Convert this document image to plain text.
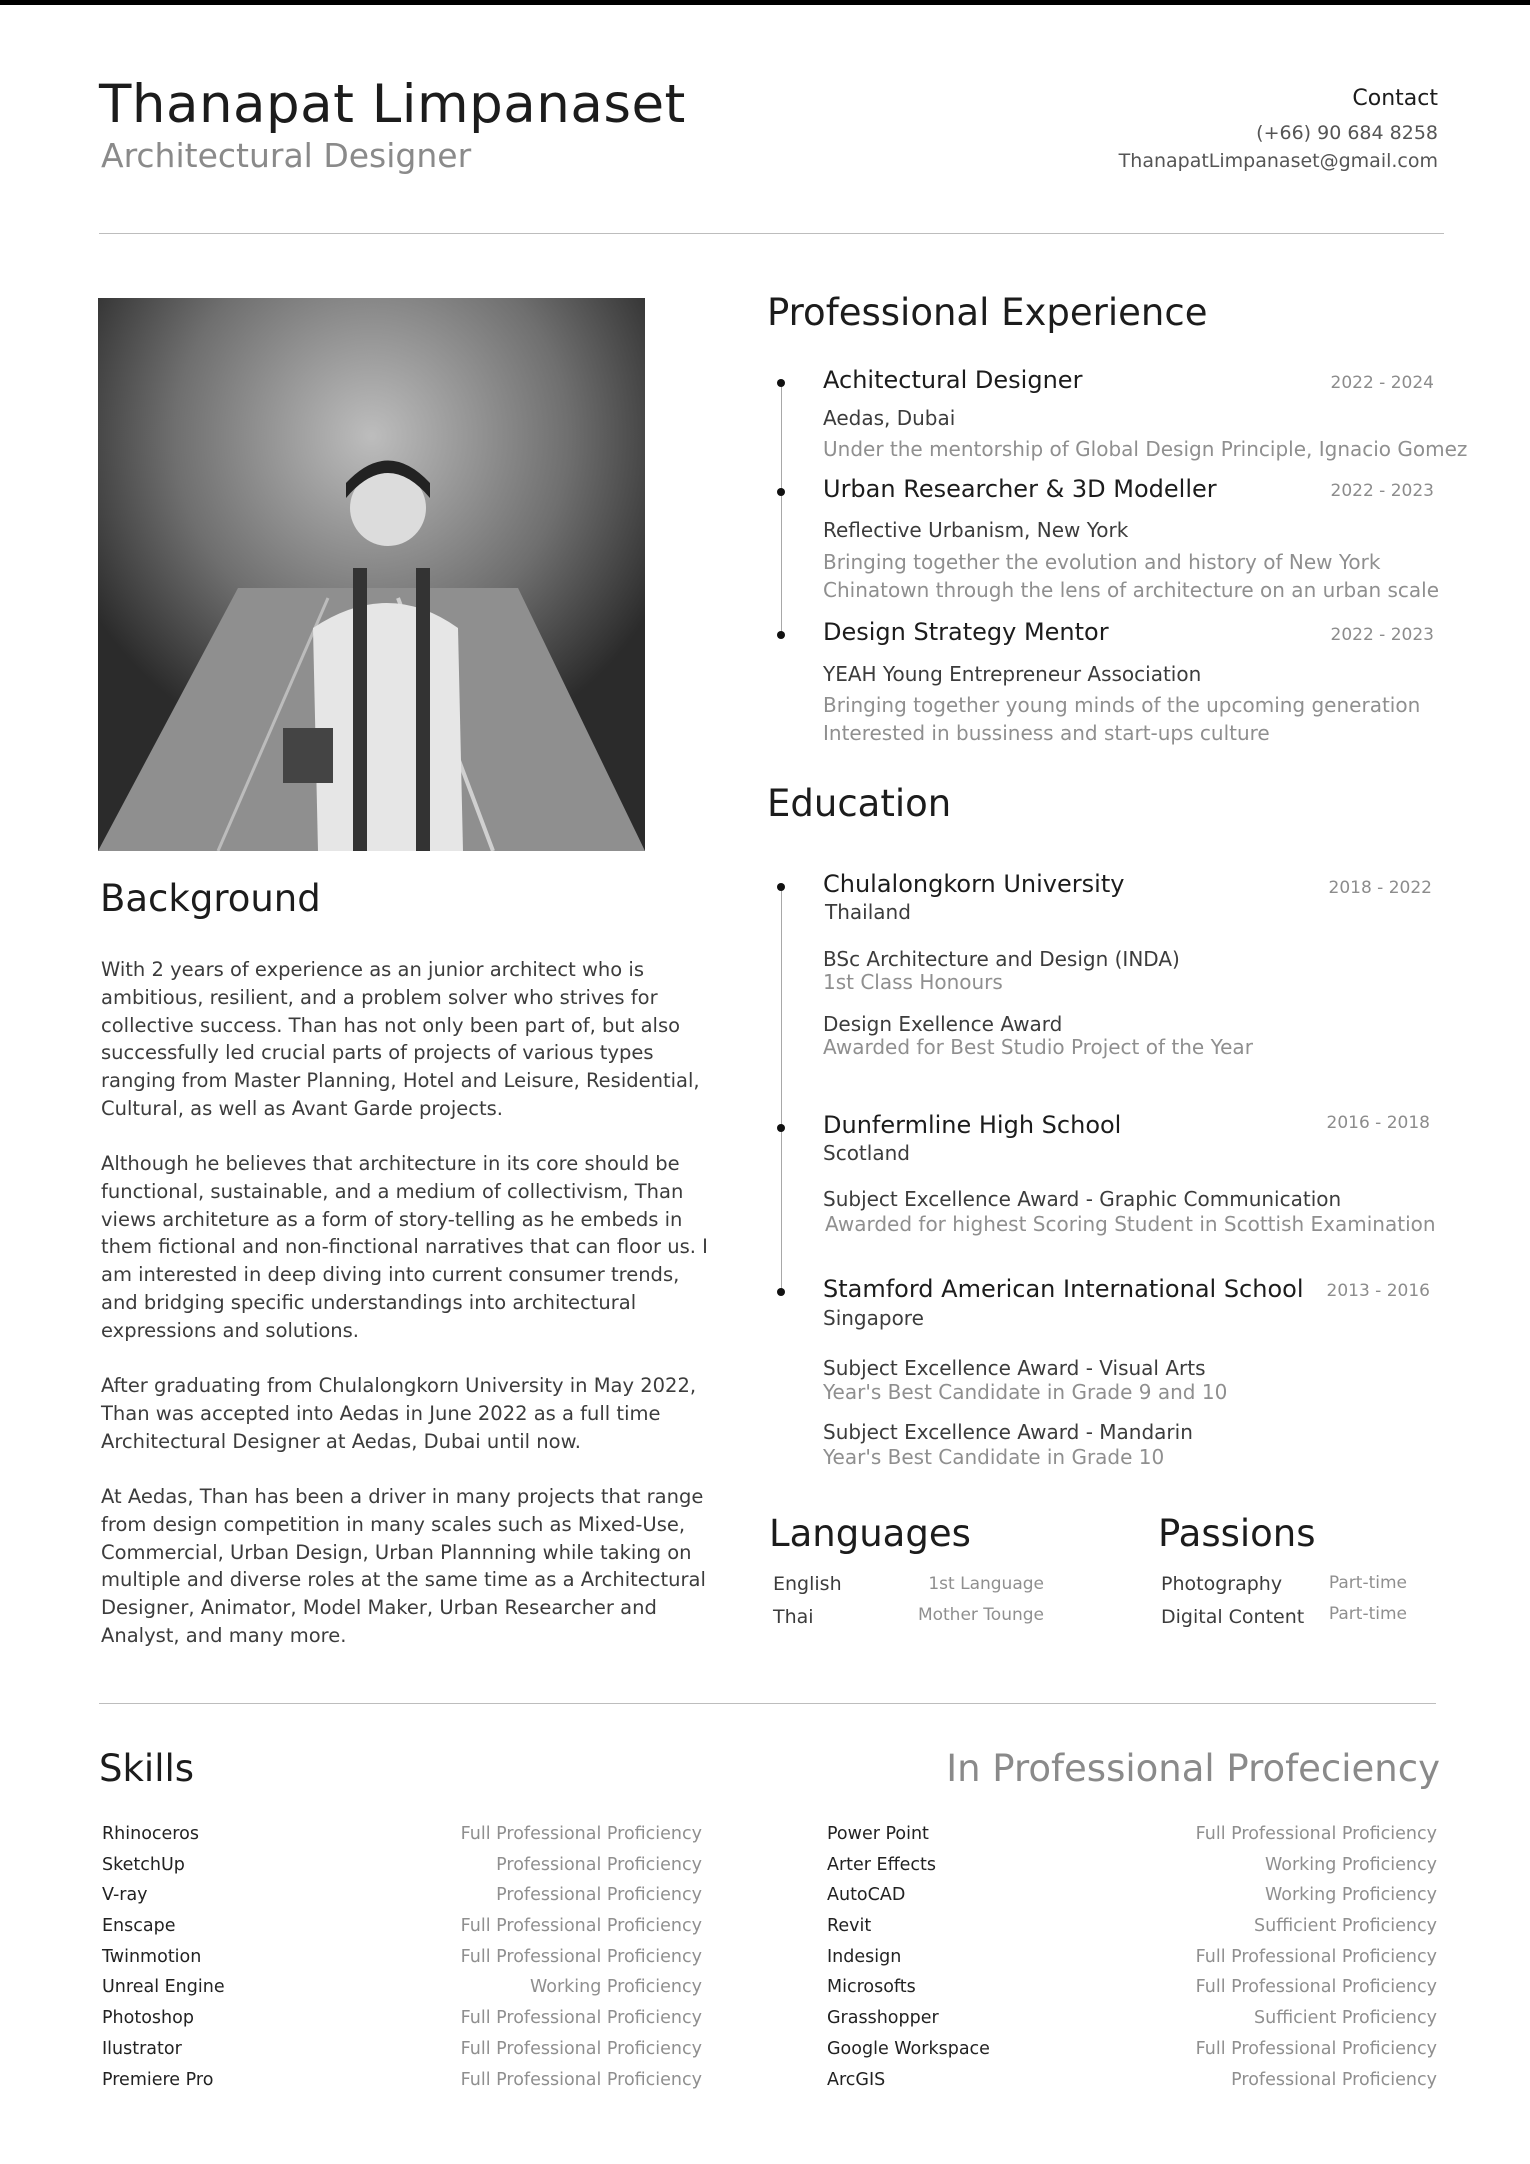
Thanapat Limpanaset
Architectural Designer
Contact
(+66) 90 684 8258
ThanapatLimpanaset@gmail.com
Background
With 2 years of experience as an junior architect who is ambitious, resilient, and a problem solver who strives for collective success. Than has not only been part of, but also successfully led crucial parts of projects of various types ranging from Master Planning, Hotel and Leisure, Residential, Cultural, as well as Avant Garde projects.
Although he believes that architecture in its core should be functional, sustainable, and a medium of collectivism, Than views architeture as a form of story-telling as he embeds in them fictional and non-finctional narratives that can floor us. I am interested in deep diving into current consumer trends, and bridging specific understandings into architectural expressions and solutions.
After graduating from Chulalongkorn University in May 2022, Than was accepted into Aedas in June 2022 as a full time Architectural Designer at Aedas, Dubai until now.
At Aedas, Than has been a driver in many projects that range from design competition in many scales such as Mixed-Use, Commercial, Urban Design, Urban Plannning while taking on multiple and diverse roles at the same time as a Architectural Designer, Animator, Model Maker, Urban Researcher and Analyst, and many more.
Professional Experience
Achitectural Designer	2022 - 2024
Aedas, Dubai
Under the mentorship of Global Design Principle, Ignacio Gomez
Urban Researcher & 3D Modeller	2022 - 2023
Reflective Urbanism, New York
Bringing together the evolution and history of New York
Chinatown through the lens of architecture on an urban scale
Design Strategy Mentor	2022 - 2023
YEAH Young Entrepreneur Association
Bringing together young minds of the upcoming generation
Interested in bussiness and start-ups culture
Education
Chulalongkorn University	2018 - 2022
Thailand
BSc Architecture and Design (INDA)
1st Class Honours
Design Exellence Award
Awarded for Best Studio Project of the Year
Dunfermline High School	2016 - 2018
Scotland
Subject Excellence Award - Graphic Communication
Awarded for highest Scoring Student in Scottish Examination
Stamford American International School 2013 - 2016
Singapore
Subject Excellence Award - Visual Arts
Year's Best Candidate in Grade 9 and 10
Subject Excellence Award - Mandarin
Year's Best Candidate in Grade 10
Languages
English	1st Language
Thai	Mother Tounge
Passions
Photography	Part-time
Digital Content Part-time
Skills	In Professional Profeciency
Rhinoceros	Full Professional Proficiency
SketchUp	Professional Proficiency
V-ray	Professional Proficiency
Enscape	Full Professional Proficiency
Twinmotion	Full Professional Proficiency
Unreal Engine	Working Proficiency
Photoshop	Full Professional Proficiency
Ilustrator	Full Professional Proficiency
Premiere Pro	Full Professional Proficiency
Power Point	Full Professional Proficiency
Arter Effects	Working Proficiency
AutoCAD	Working Proficiency
Revit	Sufficient Proficiency
Indesign	Full Professional Proficiency
Microsofts	Full Professional Proficiency
Grasshopper	Sufficient Proficiency
Google Workspace	Full Professional Proficiency
ArcGIS	Professional Proficiency
